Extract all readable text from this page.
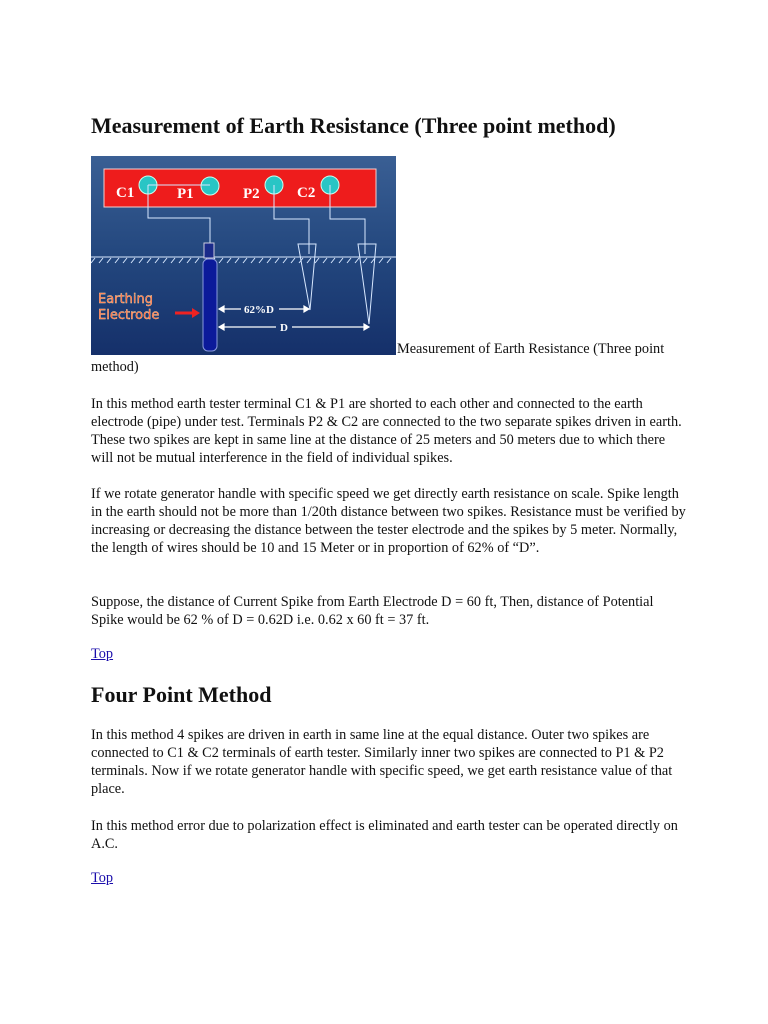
Measurement of Earth Resistance (Three point method)
C1	P1	P2 C2
Earthing
Electrode	62%D
D
Measurement of Earth Resistance (Three point method)

In this method earth tester terminal C1 & P1 are shorted to each other and connected to the earth electrode (pipe) under test. Terminals P2 & C2 are connected to the two separate spikes driven in earth. These two spikes are kept in same line at the distance of 25 meters and 50 meters due to which there will not be mutual interference in the field of individual spikes.

If we rotate generator handle with specific speed we get directly earth resistance on scale. Spike length in the earth should not be more than 1/20th distance between two spikes. Resistance must be verified by increasing or decreasing the distance between the tester electrode and the spikes by 5 meter. Normally, the length of wires should be 10 and 15 Meter or in proportion of 62% of “D”.

Suppose, the distance of Current Spike from Earth Electrode D = 60 ft, Then, distance of Potential Spike would be 62 % of D = 0.62D i.e. 0.62 x 60 ft = 37 ft.

Top
Four Point Method

In this method 4 spikes are driven in earth in same line at the equal distance. Outer two spikes are connected to C1 & C2 terminals of earth tester. Similarly inner two spikes are connected to P1 & P2 terminals. Now if we rotate generator handle with specific speed, we get earth resistance value of that place.

In this method error due to polarization effect is eliminated and earth tester can be operated directly on A.C.

Top
